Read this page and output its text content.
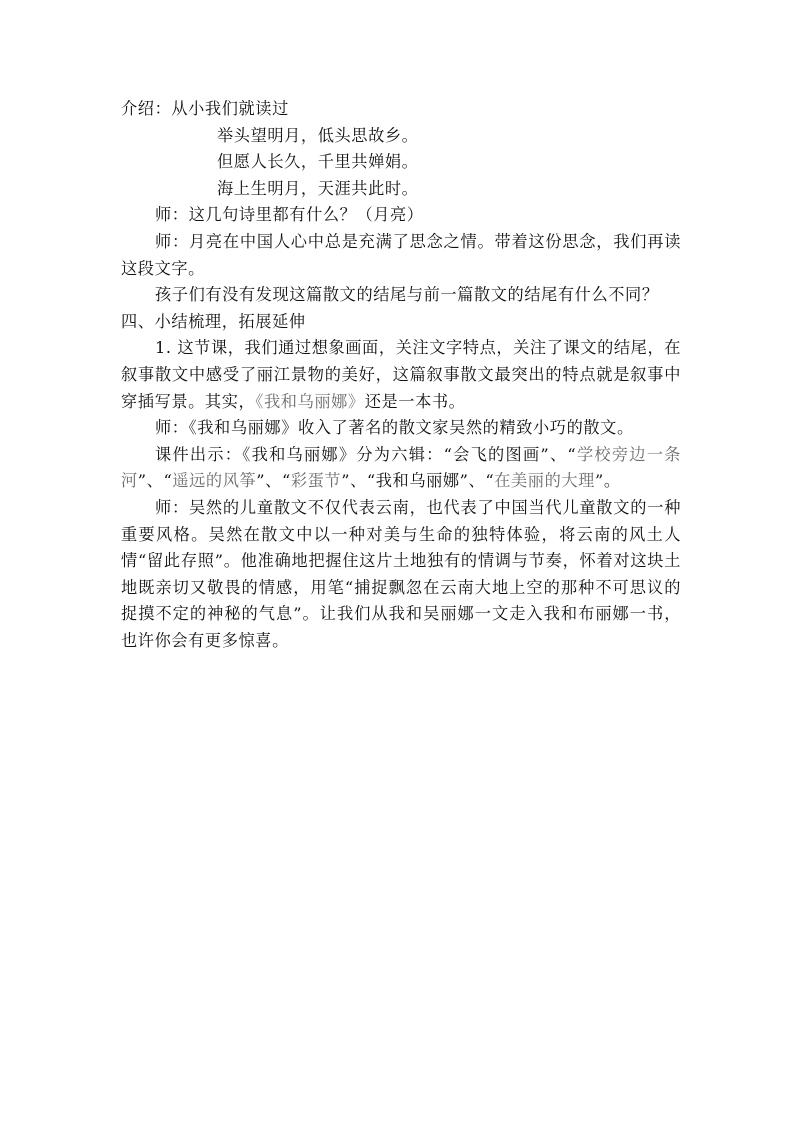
介绍：从小我们就读过
举头望明月，低头思故乡。
但愿人长久，千里共婵娟。
海上生明月，天涯共此时。
师：这几句诗里都有什么？（月亮）
师：月亮在中国人心中总是充满了思念之情。带着这份思念，我们再读这段文字。
孩子们有没有发现这篇散文的结尾与前一篇散文的结尾有什么不同？
四、小结梳理，拓展延伸
1. 这节课，我们通过想象画面，关注文字特点，关注了课文的结尾，在叙事散文中感受了丽江景物的美好，这篇叙事散文最突出的特点就是叙事中穿插写景。其实，《我和乌丽娜》还是一本书。
师：《我和乌丽娜》收入了著名的散文家吴然的精致小巧的散文。
课件出示：《我和乌丽娜》分为六辑：“会飞的图画”、“学校旁边一条河”、“遥远的风筝”、“彩蛋节”、“我和乌丽娜”、“在美丽的大理”。
师：吴然的儿童散文不仅代表云南，也代表了中国当代儿童散文的一种重要风格。吴然在散文中以一种对美与生命的独特体验，将云南的风土人情“留此存照”。他准确地把握住这片土地独有的情调与节奏，怀着对这块土地既亲切又敬畏的情感，用笔“捕捉飘忽在云南大地上空的那种不可思议的捉摸不定的神秘的气息”。让我们从我和吴丽娜一文走入我和布丽娜一书，也许你会有更多惊喜。
